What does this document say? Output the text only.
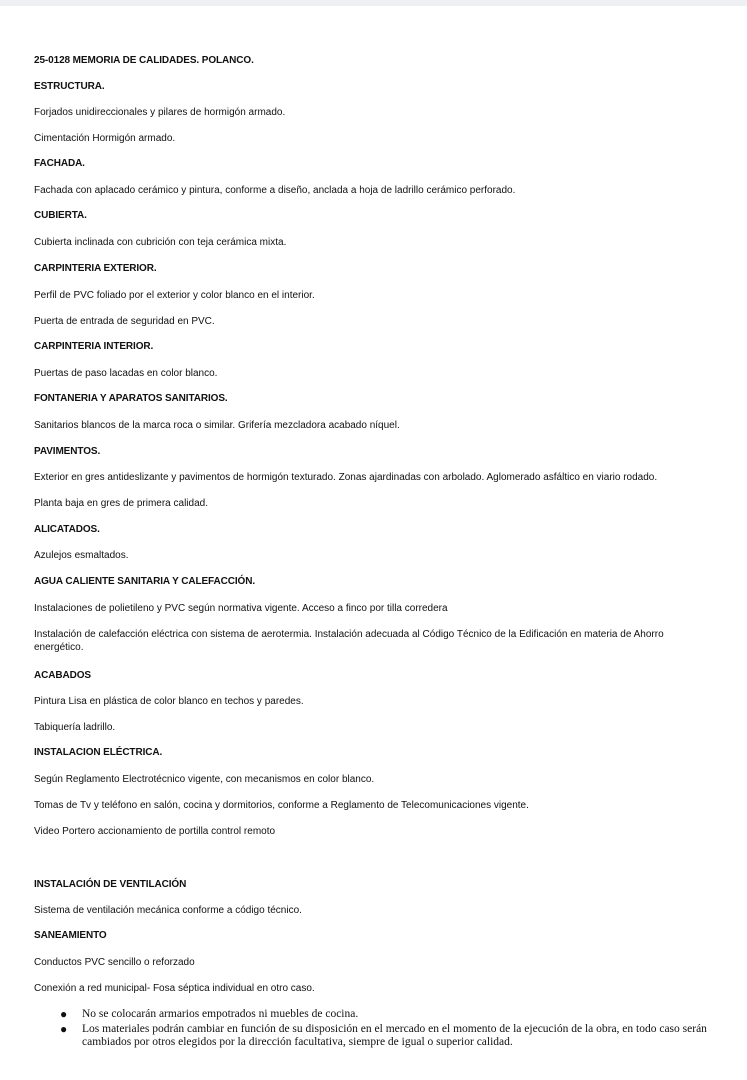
25-0128 MEMORIA DE CALIDADES. POLANCO.
ESTRUCTURA.
Forjados unidireccionales y pilares de hormigón armado.
Cimentación Hormigón armado.
FACHADA.
Fachada con aplacado cerámico y pintura, conforme a diseño, anclada a hoja de ladrillo cerámico perforado.
CUBIERTA.
Cubierta inclinada con cubrición con teja cerámica mixta.
CARPINTERIA EXTERIOR.
Perfil de PVC foliado por el exterior y color blanco en el interior.
Puerta de entrada de seguridad en PVC.
CARPINTERIA INTERIOR.
Puertas de paso lacadas en color blanco.
FONTANERIA Y APARATOS SANITARIOS.
Sanitarios blancos de la marca roca o similar. Grifería mezcladora acabado níquel.
PAVIMENTOS.
Exterior en gres antideslizante y pavimentos de hormigón texturado. Zonas ajardinadas con arbolado. Aglomerado asfáltico en viario rodado.
Planta baja en gres de primera calidad.
ALICATADOS.
Azulejos esmaltados.
AGUA CALIENTE SANITARIA Y CALEFACCIÓN.
Instalaciones de polietileno y PVC según normativa vigente. Acceso a finco por tilla corredera
Instalación de calefacción eléctrica con sistema de aerotermia. Instalación adecuada al Código Técnico de la Edificación en materia de Ahorro energético.
ACABADOS
Pintura Lisa en plástica de color blanco en techos y paredes.
Tabiquería ladrillo.
INSTALACION ELÉCTRICA.
Según Reglamento Electrotécnico vigente, con mecanismos en color blanco.
Tomas de Tv y teléfono en salón, cocina y dormitorios, conforme a Reglamento de Telecomunicaciones vigente.
Video Portero accionamiento de portilla control remoto
INSTALACIÓN DE VENTILACIÓN
Sistema de ventilación mecánica conforme a código técnico.
SANEAMIENTO
Conductos PVC sencillo o reforzado
Conexión a red municipal- Fosa séptica individual en otro caso.
● No se colocarán armarios empotrados ni muebles de cocina.
● Los materiales podrán cambiar en función de su disposición en el mercado en el momento de la ejecución de la obra, en todo caso serán cambiados por otros elegidos por la dirección facultativa, siempre de igual o superior calidad.
